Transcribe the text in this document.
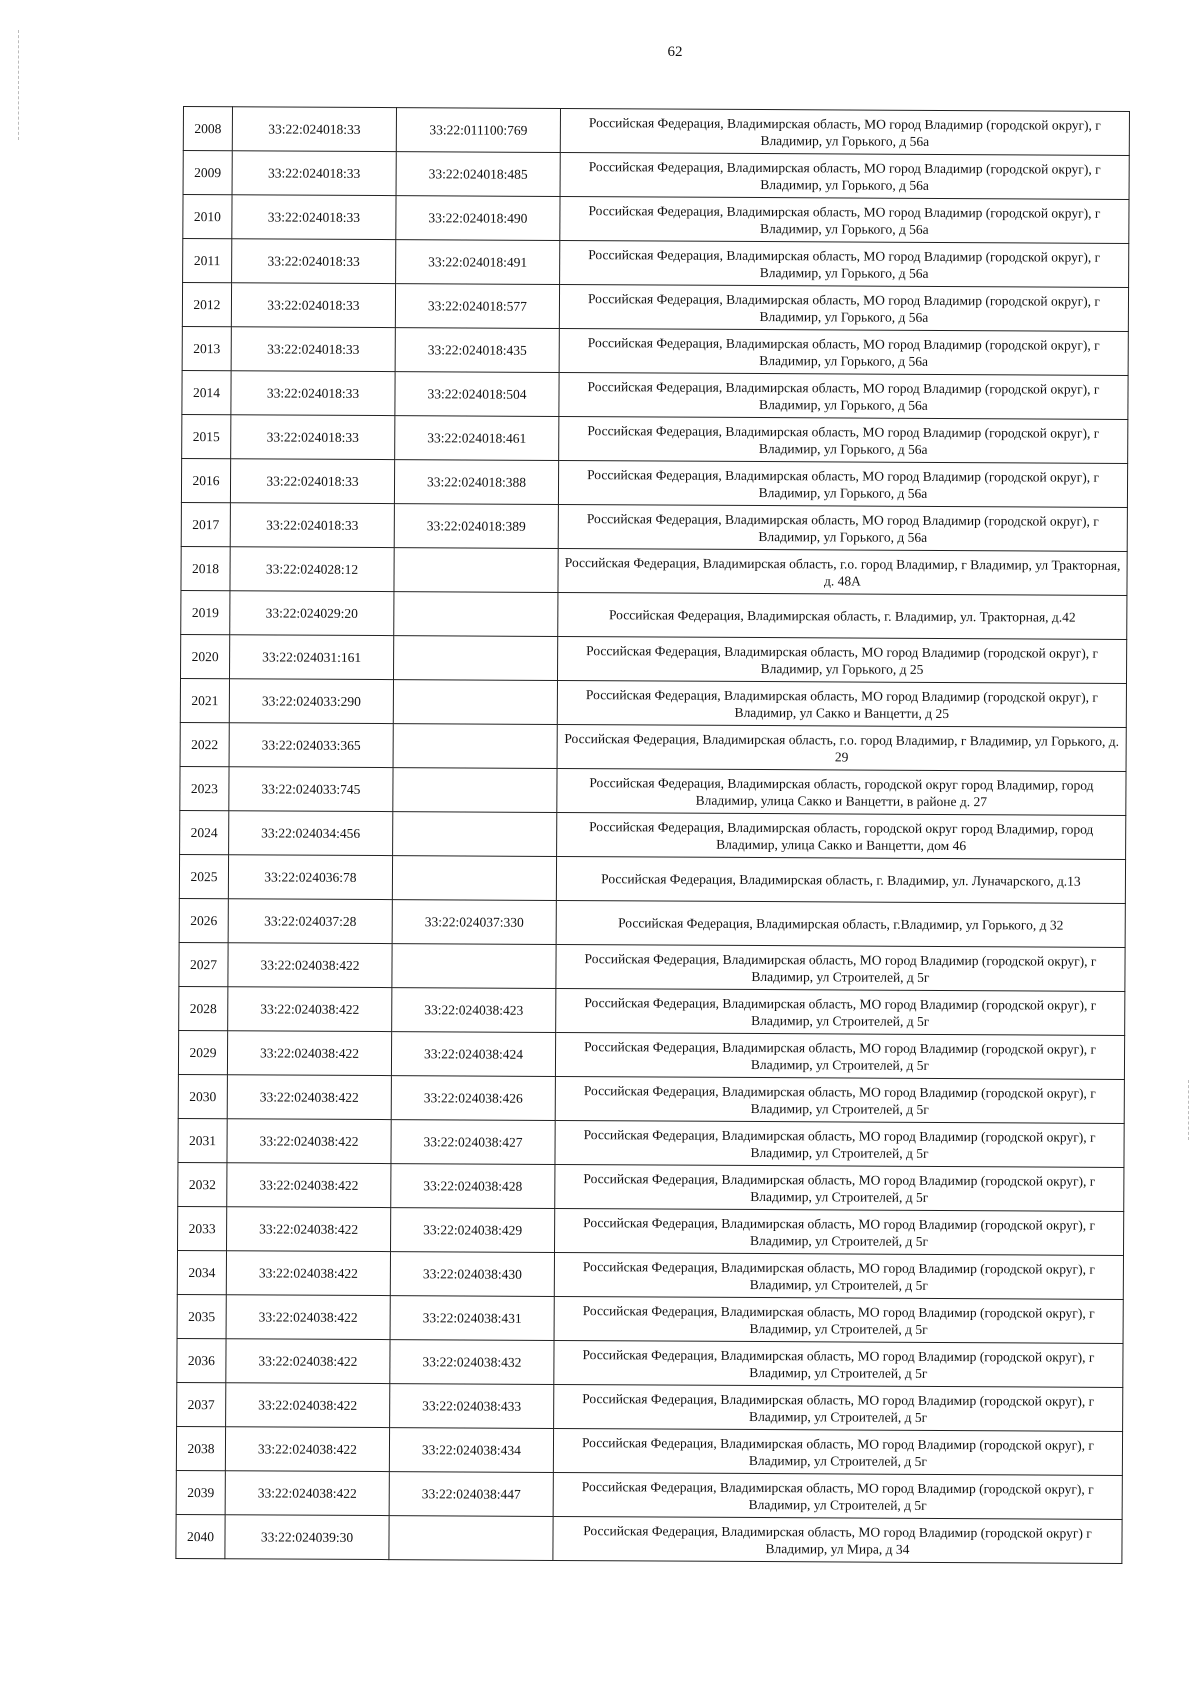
62
2008	33:22:024018:33	33:22:011100:769	Российская Федерация, Владимирская область, МО город Владимир (городской округ), г Владимир, ул Горького, д 56а
2009	33:22:024018:33	33:22:024018:485	Российская Федерация, Владимирская область, МО город Владимир (городской округ), г Владимир, ул Горького, д 56а
2010	33:22:024018:33	33:22:024018:490	Российская Федерация, Владимирская область, МО город Владимир (городской округ), г Владимир, ул Горького, д 56а
2011	33:22:024018:33	33:22:024018:491	Российская Федерация, Владимирская область, МО город Владимир (городской округ), г Владимир, ул Горького, д 56а
2012	33:22:024018:33	33:22:024018:577	Российская Федерация, Владимирская область, МО город Владимир (городской округ), г Владимир, ул Горького, д 56а
2013	33:22:024018:33	33:22:024018:435	Российская Федерация, Владимирская область, МО город Владимир (городской округ), г Владимир, ул Горького, д 56а
2014	33:22:024018:33	33:22:024018:504	Российская Федерация, Владимирская область, МО город Владимир (городской округ), г Владимир, ул Горького, д 56а
2015	33:22:024018:33	33:22:024018:461	Российская Федерация, Владимирская область, МО город Владимир (городской округ), г Владимир, ул Горького, д 56а
2016	33:22:024018:33	33:22:024018:388	Российская Федерация, Владимирская область, МО город Владимир (городской округ), г Владимир, ул Горького, д 56а
2017	33:22:024018:33	33:22:024018:389	Российская Федерация, Владимирская область, МО город Владимир (городской округ), г Владимир, ул Горького, д 56а
2018	33:22:024028:12		Российская Федерация, Владимирская область, г.о. город Владимир, г Владимир, ул Тракторная, д. 48А
2019	33:22:024029:20		Российская Федерация, Владимирская область, г. Владимир, ул. Тракторная, д.42
2020	33:22:024031:161		Российская Федерация, Владимирская область, МО город Владимир (городской округ), г Владимир, ул Горького, д 25
2021	33:22:024033:290		Российская Федерация, Владимирская область, МО город Владимир (городской округ), г Владимир, ул Сакко и Ванцетти, д 25
2022	33:22:024033:365		Российская Федерация, Владимирская область, г.о. город Владимир, г Владимир, ул Горького, д. 29
2023	33:22:024033:745		Российская Федерация, Владимирская область, городской округ город Владимир, город Владимир, улица Сакко и Ванцетти, в районе д. 27
2024	33:22:024034:456		Российская Федерация, Владимирская область, городской округ город Владимир, город Владимир, улица Сакко и Ванцетти, дом 46
2025	33:22:024036:78		Российская Федерация, Владимирская область, г. Владимир, ул. Луначарского, д.13
2026	33:22:024037:28	33:22:024037:330	Российская Федерация, Владимирская область, г.Владимир, ул Горького, д 32
2027	33:22:024038:422		Российская Федерация, Владимирская область, МО город Владимир (городской округ), г Владимир, ул Строителей, д 5г
2028	33:22:024038:422	33:22:024038:423	Российская Федерация, Владимирская область, МО город Владимир (городской округ), г Владимир, ул Строителей, д 5г
2029	33:22:024038:422	33:22:024038:424	Российская Федерация, Владимирская область, МО город Владимир (городской округ), г Владимир, ул Строителей, д 5г
2030	33:22:024038:422	33:22:024038:426	Российская Федерация, Владимирская область, МО город Владимир (городской округ), г Владимир, ул Строителей, д 5г
2031	33:22:024038:422	33:22:024038:427	Российская Федерация, Владимирская область, МО город Владимир (городской округ), г Владимир, ул Строителей, д 5г
2032	33:22:024038:422	33:22:024038:428	Российская Федерация, Владимирская область, МО город Владимир (городской округ), г Владимир, ул Строителей, д 5г
2033	33:22:024038:422	33:22:024038:429	Российская Федерация, Владимирская область, МО город Владимир (городской округ), г Владимир, ул Строителей, д 5г
2034	33:22:024038:422	33:22:024038:430	Российская Федерация, Владимирская область, МО город Владимир (городской округ), г Владимир, ул Строителей, д 5г
2035	33:22:024038:422	33:22:024038:431	Российская Федерация, Владимирская область, МО город Владимир (городской округ), г Владимир, ул Строителей, д 5г
2036	33:22:024038:422	33:22:024038:432	Российская Федерация, Владимирская область, МО город Владимир (городской округ), г Владимир, ул Строителей, д 5г
2037	33:22:024038:422	33:22:024038:433	Российская Федерация, Владимирская область, МО город Владимир (городской округ), г Владимир, ул Строителей, д 5г
2038	33:22:024038:422	33:22:024038:434	Российская Федерация, Владимирская область, МО город Владимир (городской округ), г Владимир, ул Строителей, д 5г
2039	33:22:024038:422	33:22:024038:447	Российская Федерация, Владимирская область, МО город Владимир (городской округ), г Владимир, ул Строителей, д 5г
2040	33:22:024039:30		Российская Федерация, Владимирская область, МО город Владимир (городской округ) г Владимир, ул Мира, д 34
